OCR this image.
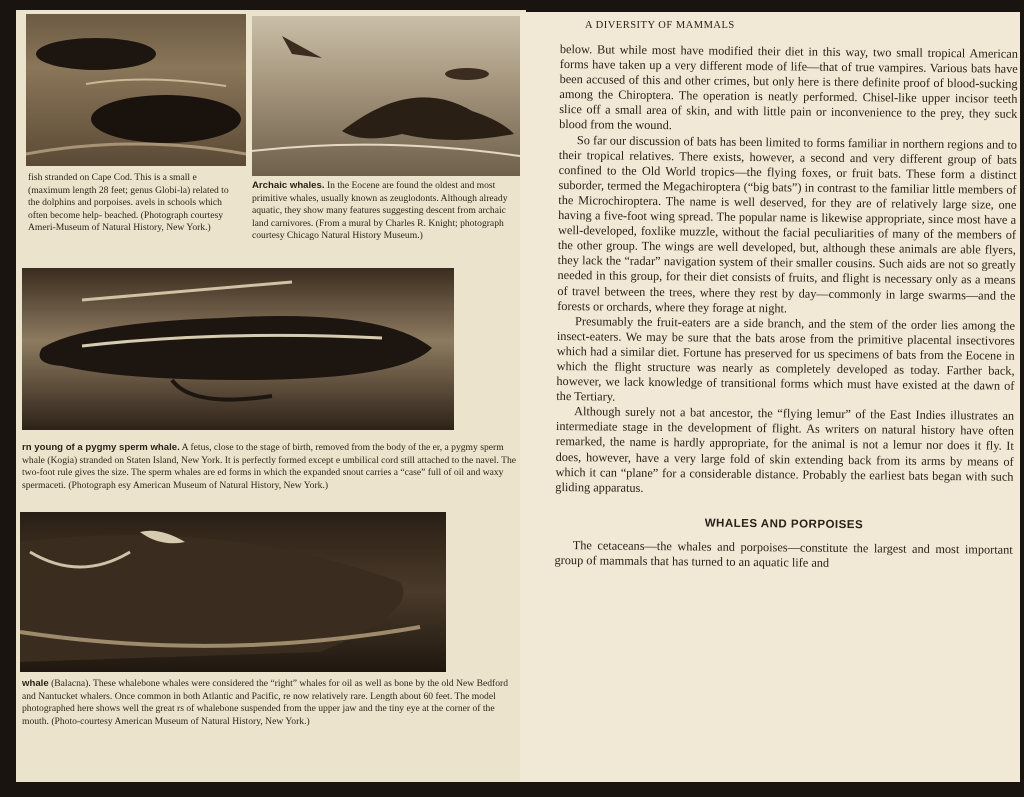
fish stranded on Cape Cod. This is a small e (maximum length 28 feet; genus Globi-la) related to the dolphins and porpoises. avels in schools which often become help- beached. (Photograph courtesy Ameri-Museum of Natural History, New York.)
Archaic whales. In the Eocene are found the oldest and most primitive whales, usually known as zeuglodonts. Although already aquatic, they show many features suggesting descent from archaic land carnivores. (From a mural by Charles R. Knight; photograph courtesy Chicago Natural History Museum.)
rn young of a pygmy sperm whale. A fetus, close to the stage of birth, removed from the body of the er, a pygmy sperm whale (Kogia) stranded on Staten Island, New York. It is perfectly formed except e umbilical cord still attached to the navel. The two-foot rule gives the size. The sperm whales are ed forms in which the expanded snout carries a “case” full of oil and waxy spermaceti. (Photograph esy American Museum of Natural History, New York.)
whale (Balacna). These whalebone whales were considered the “right” whales for oil as well as bone by the old New Bedford and Nantucket whalers. Once common in both Atlantic and Pacific, re now relatively rare. Length about 60 feet. The model photographed here shows well the great rs of whalebone suspended from the upper jaw and the tiny eye at the corner of the mouth. (Photo-courtesy American Museum of Natural History, New York.)
A DIVERSITY OF MAMMALS

below. But while most have modified their diet in this way, two small tropical American forms have taken up a very different mode of life—that of true vampires. Various bats have been accused of this and other crimes, but only here is there definite proof of blood-sucking among the Chiroptera. The operation is neatly performed. Chisel-like upper incisor teeth slice off a small area of skin, and with little pain or inconvenience to the prey, they suck blood from the wound.

So far our discussion of bats has been limited to forms familiar in northern regions and to their tropical relatives. There exists, however, a second and very different group of bats confined to the Old World tropics—the flying foxes, or fruit bats. These form a distinct suborder, termed the Megachiroptera (“big bats”) in contrast to the familiar little members of the Microchiroptera. The name is well deserved, for they are of relatively large size, one having a five-foot wing spread. The popular name is likewise appropriate, since most have a well-developed, foxlike muzzle, without the facial peculiarities of many of the members of the other group. The wings are well developed, but, although these animals are able flyers, they lack the “radar” navigation system of their smaller cousins. Such aids are not so greatly needed in this group, for their diet consists of fruits, and flight is necessary only as a means of travel between the trees, where they rest by day—commonly in large swarms—and the forests or orchards, where they forage at night.

Presumably the fruit-eaters are a side branch, and the stem of the order lies among the insect-eaters. We may be sure that the bats arose from the primitive placental insectivores which had a similar diet. Fortune has preserved for us specimens of bats from the Eocene in which the flight structure was nearly as completely developed as today. Farther back, however, we lack knowledge of transitional forms which must have existed at the dawn of the Tertiary.

Although surely not a bat ancestor, the “flying lemur” of the East Indies illustrates an intermediate stage in the development of flight. As writers on natural history have often remarked, the name is hardly appropriate, for the animal is not a lemur nor does it fly. It does, however, have a very large fold of skin extending back from its arms by means of which it can “plane” for a considerable distance. Probably the earliest bats began with such gliding apparatus.

WHALES AND PORPOISES

The cetaceans—the whales and porpoises—constitute the largest and most important group of mammals that has turned to an aquatic life and
